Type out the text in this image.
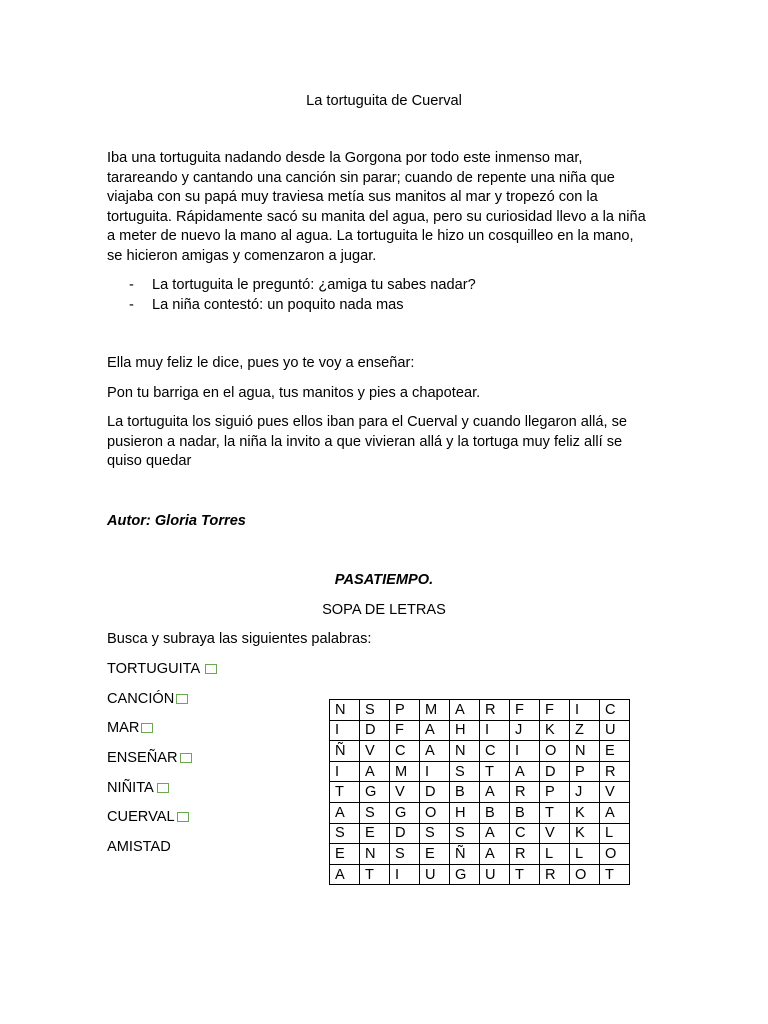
La tortuguita de Cuerval
Iba una tortuguita nadando desde la Gorgona por todo este inmenso mar, tarareando y cantando una canción sin parar; cuando de repente una niña que viajaba con su papá muy traviesa metía sus manitos al mar y tropezó con la tortuguita. Rápidamente sacó su manita del agua, pero su curiosidad llevo a la niña a meter de nuevo la mano al agua. La tortuguita le hizo un cosquilleo en la mano, se hicieron amigas y comenzaron a jugar.
- La tortuguita le preguntó: ¿amiga tu sabes nadar?
- La niña contestó: un poquito nada mas
Ella muy feliz le dice, pues yo te voy a enseñar:
Pon tu barriga en el agua, tus manitos y pies a chapotear.
La tortuguita los siguió pues ellos iban para el Cuerval y cuando llegaron allá, se pusieron a nadar, la niña la invito a que vivieran allá y la tortuga muy feliz allí se quiso quedar
Autor: Gloria Torres
PASATIEMPO.
SOPA DE LETRAS
Busca y subraya las siguientes palabras:
TORTUGUITA
CANCIÓN
MAR
ENSEÑAR
NIÑITA
CUERVAL
AMISTAD
N	S	P	M	A	R	F	F	I	C
I	D	F	A	H	I	J	K	Z	U
Ñ	V	C	A	N	C	I	O	N	E
I	A	M	I	S	T	A	D	P	R
T	G	V	D	B	A	R	P	J	V
A	S	G	O	H	B	B	T	K	A
S	E	D	S	S	A	C	V	K	L
E	N	S	E	Ñ	A	R	L	L	O
A	T	I	U	G	U	T	R	O	T
